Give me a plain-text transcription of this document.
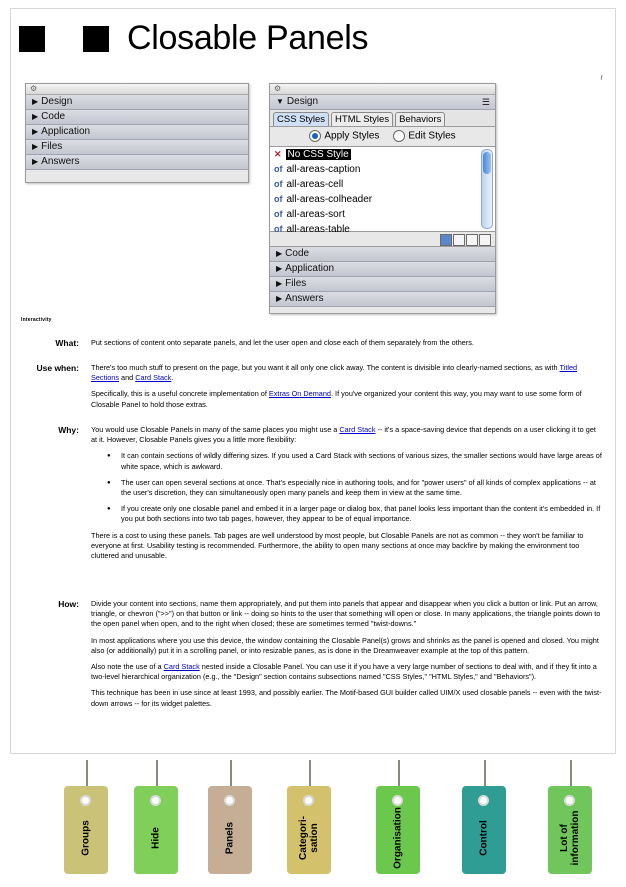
Closable Panels
r
⚙
▶ Design
▶ Code
▶ Application
▶ Files
▶ Answers
⚙
▼ Design	☰
CSS Styles	HTML Styles	Behaviors
Apply Styles	Edit Styles
✕ No CSS Style
of all-areas-caption
of all-areas-cell
of all-areas-colheader
of all-areas-sort
of all-areas-table
▶ Code
▶ Application
▶ Files
▶ Answers
Interactivity
What: Put sections of content onto separate panels, and let the user open and close each of them separately from the others.

Use when: There's too much stuff to present on the page, but you want it all only one click away. The content is divisible into clearly-named sections, as with Titled Sections and Card Stack.

Specifically, this is a useful concrete implementation of Extras On Demand. If you've organized your content this way, you may want to use some form of Closable Panel to hold those extras.

Why: You would use Closable Panels in many of the same places you might use a Card Stack -- it's a space-saving device that depends on a user clicking it to get at it. However, Closable Panels gives you a little more flexibility:

● It can contain sections of wildly differing sizes. If you used a Card Stack with sections of various sizes, the smaller sections would have large areas of white space, which is awkward.
● The user can open several sections at once. That's especially nice in authoring tools, and for "power users" of all kinds of complex applications -- at the user's discretion, they can simultaneously open many panels and keep them in view at the same time.
● If you create only one closable panel and embed it in a larger page or dialog box, that panel looks less important than the content it's embedded in. If you put both sections into two tab pages, however, they appear to be of equal importance.

There is a cost to using these panels. Tab pages are well understood by most people, but Closable Panels are not as common -- they won't be familiar to everyone at first. Usability testing is recommended. Furthermore, the ability to open many sections at once may backfire by making the environment too cluttered and unusable.

How: Divide your content into sections, name them appropriately, and put them into panels that appear and disappear when you click a button or link. Put an arrow, triangle, or chevron (">>") on that button or link -- doing so hints to the user that something will open or close. In many applications, the triangle points down to the open panel when open, and to the right when closed; these are sometimes termed "twist-downs."

In most applications where you use this device, the window containing the Closable Panel(s) grows and shrinks as the panel is opened and closed. You might also (or additionally) put it in a scrolling panel, or into resizable panes, as is done in the Dreamweaver example at the top of this pattern.

Also note the use of a Card Stack nested inside a Closable Panel. You can use it if you have a very large number of sections to deal with, and if they fit into a two-level hierarchical organization (e.g., the "Design" section contains subsections named "CSS Styles," "HTML Styles," and "Behaviors").

This technique has been in use since at least 1993, and possibly earlier. The Motif-based GUI builder called UIM/X used closable panels -- even with the twist-down arrows -- for its widget palettes.

Groups	Hide	Panels	Categori-
sation	Organisation	Control	Lot of
information
